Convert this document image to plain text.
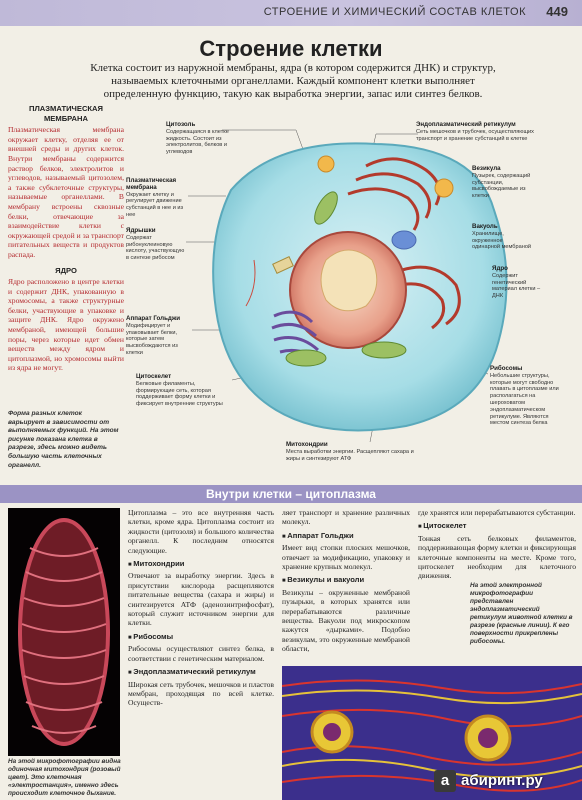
СТРОЕНИЕ И ХИМИЧЕСКИЙ СОСТАВ КЛЕТОК 449
Строение клетки
Клетка состоит из наружной мембраны, ядра (в котором содержится ДНК) и структур, называемых клеточными органеллами. Каждый компонент клетки выполняет определенную функцию, такую как выработка энергии, запас или синтез белков.
ПЛАЗМАТИЧЕСКАЯ МЕМБРАНА

Плазматическая мембрана окружает клетку, отделяя ее от внешней среды и других клеток. Внутри мембраны содержится раствор белков, электролитов и углеводов, называемый цитозолем, а также субклеточные структуры, называемые органеллами. В мембрану встроены сквозные белки, отвечающие за взаимодействие клетки с окружающей средой и за транспорт питательных веществ и продуктов распада.

ЯДРО

Ядро расположено в центре клетки и содержит ДНК, упакованную в хромосомы, а также структурные белки, участвующие в упаковке и защите ДНК. Ядро окружено мембраной, имеющей большие поры, через которые идет обмен веществ между ядром и цитоплазмой, но хромосомы выйти из ядра не могут.

Форма разных клеток варьирует в зависимости от выполняемых функций. На этом рисунке показана клетка в разрезе, здесь можно видеть большую часть клеточных органелл.
Цитозоль
Содержащаяся в клетке жидкость. Состоит из электролитов, белков и углеводов
Эндоплазматический ретикулум
Сеть мешочков и трубочек, осуществляющих транспорт и хранение субстанций в клетке
Плазматическая мембрана
Окружает клетку и регулирует движение субстанций в нее и из нее
Везикула
Пузырек, содержащий субстанции, высвобождаемые из клетки
Вакуоль
Хранилище, окруженное одинарной мембраной
Ядрышки
Содержат рибонуклеиновую кислоту, участвующую в синтезе рибосом
Ядро
Содержит генетический материал клетки – ДНК
Аппарат Гольджи
Модифицирует и упаковывает белки, которые затем высвобождаются из клетки
Рибосомы
Небольшие структуры, которые могут свободно плавать в цитоплазме или располагаться на шероховатом эндоплазматическом ретикулуме. Являются местом синтеза белка
Цитоскелет
Белковые филаменты, формирующие сеть, которая поддерживает форму клетки и фиксирует внутренние структуры
Митохондрии
Места выработки энергии. Расщепляют сахара и жиры и синтезируют АТФ
Внутри клетки – цитоплазма
На этой микрофотографии видна одиночная митохондрия (розовый цвет). Это клеточная «электростанция», именно здесь происходит клеточное дыхание.

Цитоплазма – это все внутренняя часть клетки, кроме ядра. Цитоплазма состоит из жидкости (цитозоля) и большого количества органелл. К последним относятся следующие.

■ Митохондрии

Отвечают за выработку энергии. Здесь в присутствии кислорода расщепляются питательные вещества (сахара и жиры) и синтезируется АТФ (аденозинтрифосфат), который служит источником энергии для клетки.

■ Рибосомы

Рибосомы осуществляют синтез белка, в соответствии с генетическим материалом.

■ Эндоплазматический ретикулум

Широкая сеть трубочек, мешочков и пластов мембран, проходящая по всей клетке. Осуществ-

ляет транспорт и хранение различных молекул.

■ Аппарат Гольджи

Имеет вид стопки плоских мешочков, отвечает за модификацию, упаковку и хранение крупных молекул.

■ Везикулы и вакуоли

Везикулы – окруженные мембраной пузырьки, в которых хранятся или перерабатываются различные вещества. Вакуоли под микроскопом кажутся «дырками». Подобно везикулам, это окруженные мембраной области,

где хранятся или перерабатываются субстанции.

■ Цитоскелет

Тонкая сеть белковых филаментов, поддерживающая форму клетки и фиксирующая клеточные компоненты на месте. Кроме того, цитоскелет необходим для клеточного движения.

На этой электронной микрофотографии представлен эндоплазматический ретикулум животной клетки в разрезе (красные линии). К его поверхности прикреплены рибосомы.
a абиринт.ру
